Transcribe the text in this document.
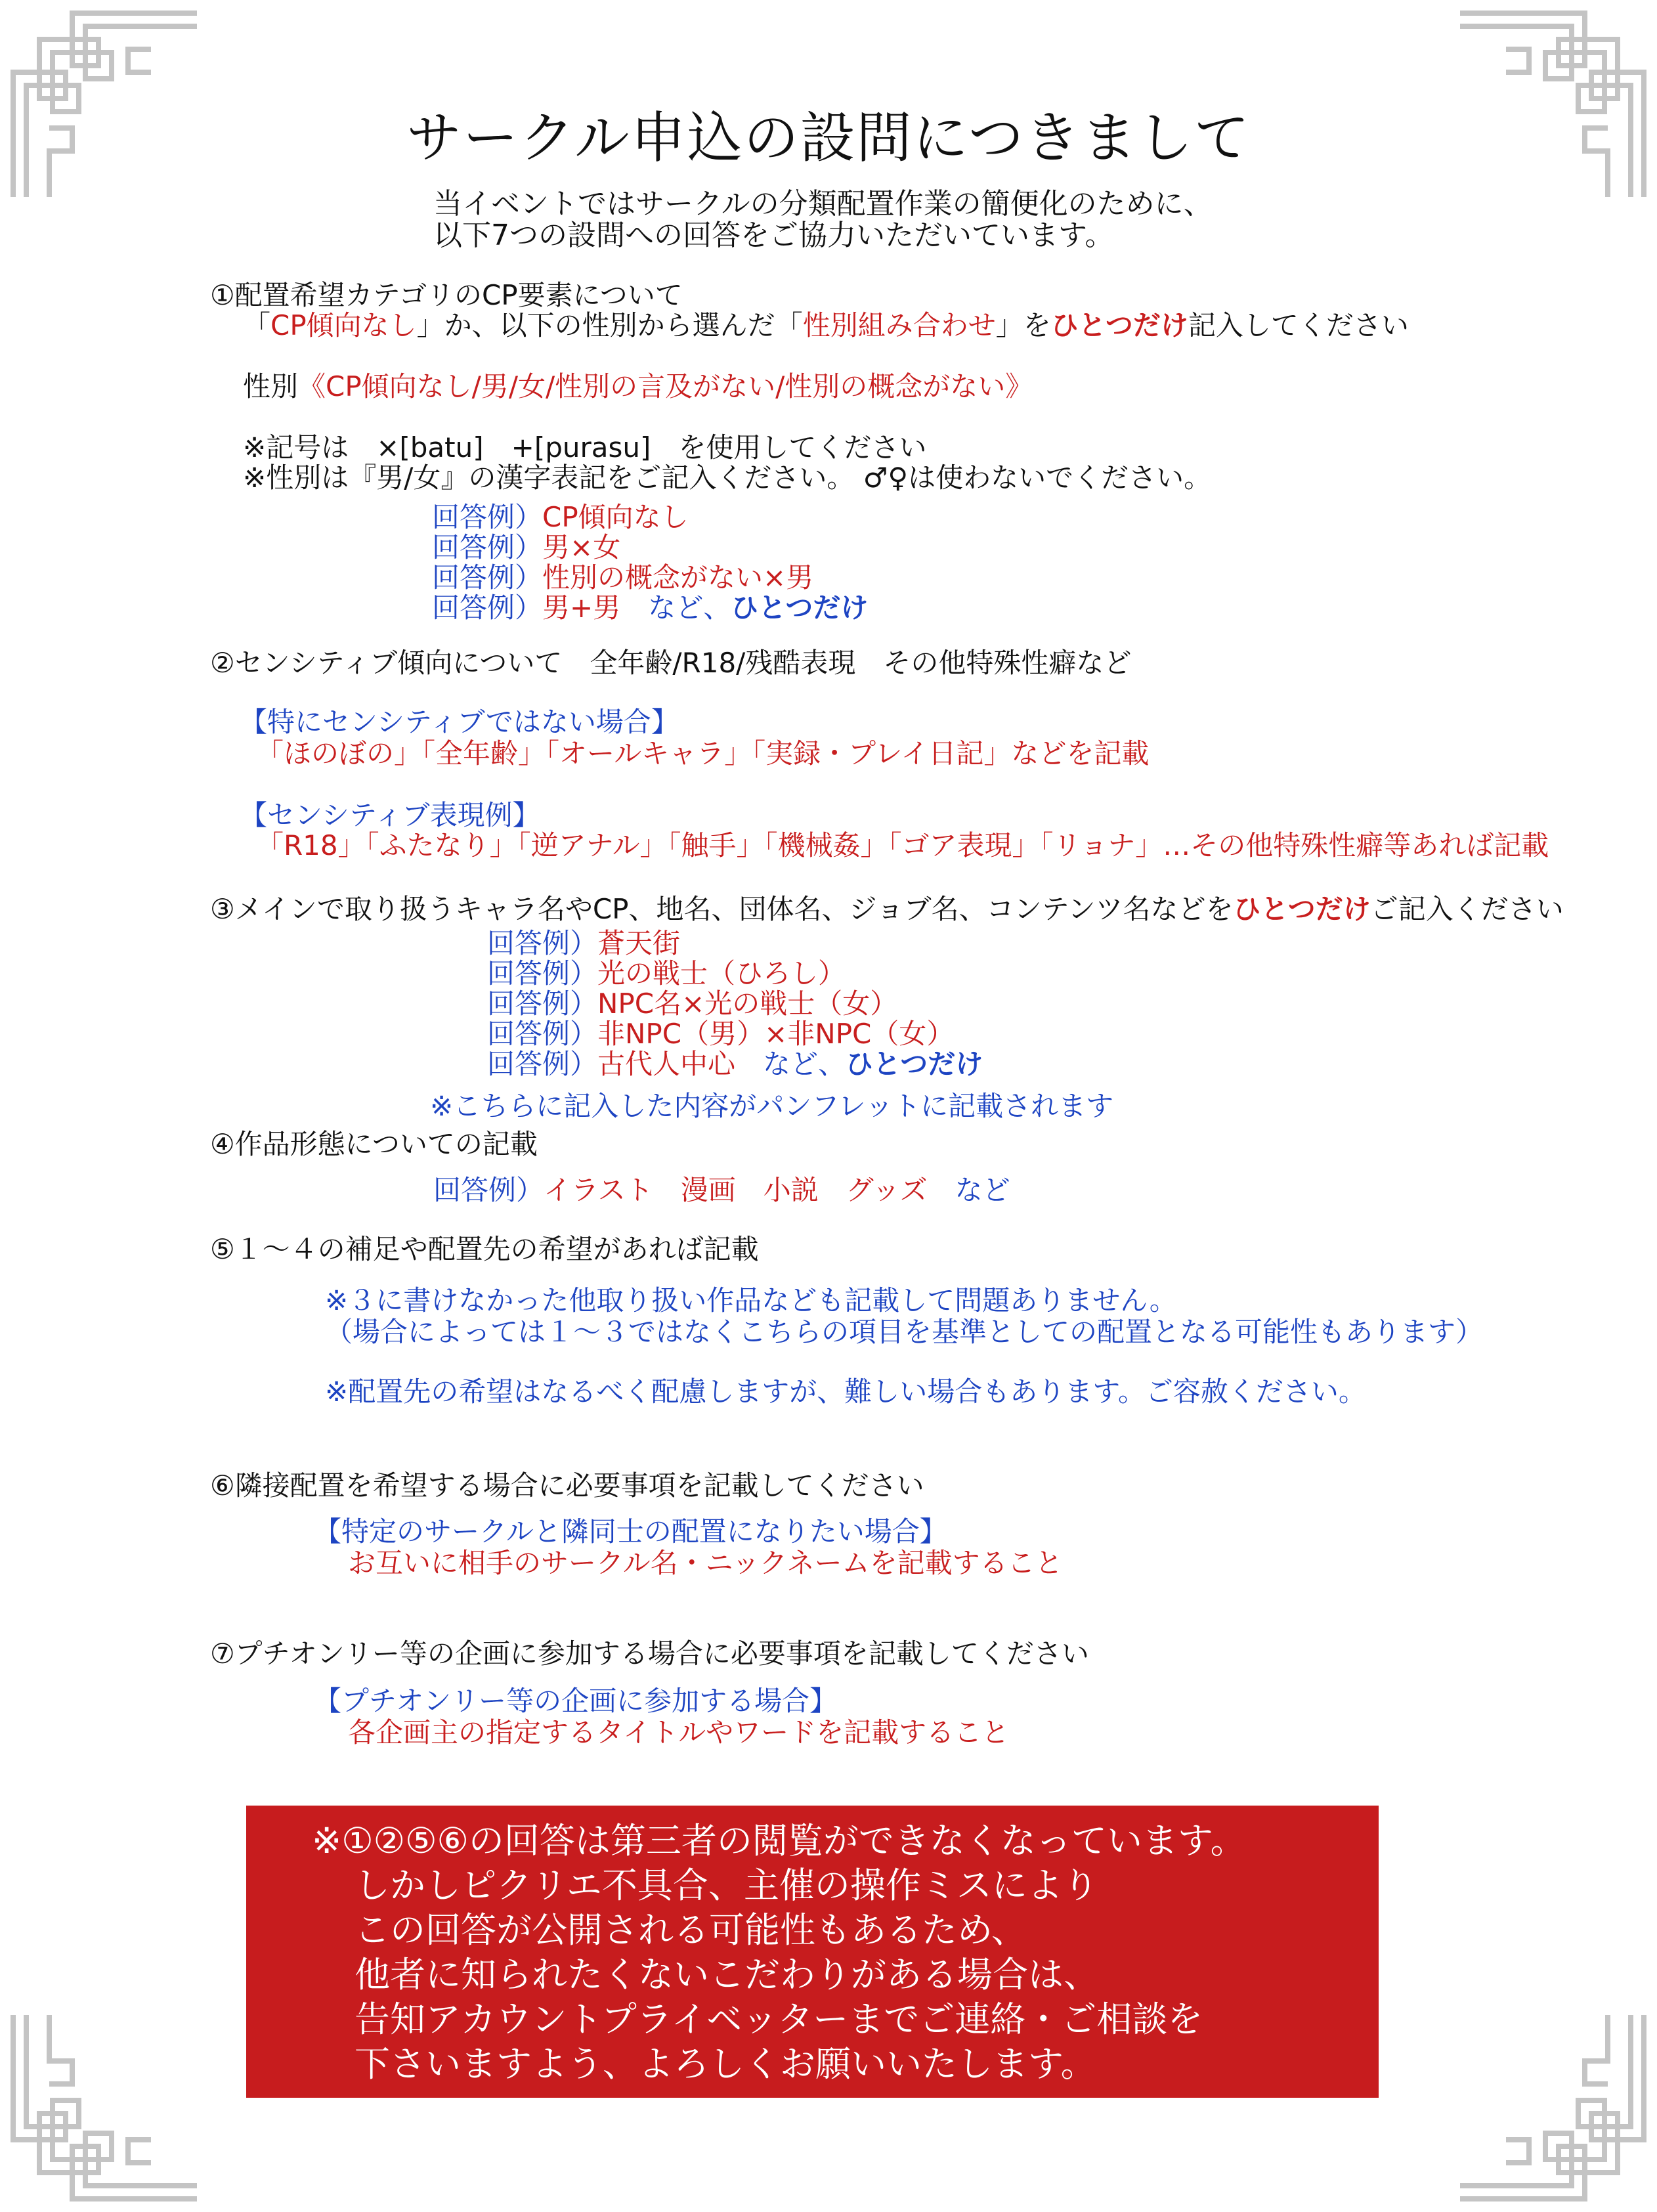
サークル申込の設問につきまして
当イベントではサークルの分類配置作業の簡便化のために、
以下7つの設問への回答をご協力いただいています。
①配置希望カテゴリのCP要素について
「CP傾向なし」か、以下の性別から選んだ「性別組み合わせ」をひとつだけ記入してください
性別《CP傾向なし/男/女/性別の言及がない/性別の概念がない》
※記号は　×[batu]　+[purasu]　を使用してください
※性別は『男/女』の漢字表記をご記入ください。 ♂♀は使わないでください。
回答例）CP傾向なし
回答例）男×女
回答例）性別の概念がない×男
回答例）男+男　など、ひとつだけ
②センシティブ傾向について　全年齢/R18/残酷表現　その他特殊性癖など
【特にセンシティブではない場合】
「ほのぼの」「全年齢」「オールキャラ」「実録・プレイ日記」などを記載
【センシティブ表現例】
「R18」「ふたなり」「逆アナル」「触手」「機械姦」「ゴア表現」「リョナ」…その他特殊性癖等あれば記載
③メインで取り扱うキャラ名やCP、地名、団体名、ジョブ名、コンテンツ名などをひとつだけご記入ください
回答例）蒼天街
回答例）光の戦士（ひろし）
回答例）NPC名×光の戦士（女）
回答例）非NPC（男）×非NPC（女）
回答例）古代人中心　など、ひとつだけ
※こちらに記入した内容がパンフレットに記載されます
④作品形態についての記載
回答例）イラスト　漫画　小説　グッズ　など
⑤１～４の補足や配置先の希望があれば記載
※３に書けなかった他取り扱い作品なども記載して問題ありません。
（場合によっては１～３ではなくこちらの項目を基準としての配置となる可能性もあります）
※配置先の希望はなるべく配慮しますが、難しい場合もあります。ご容赦ください。
⑥隣接配置を希望する場合に必要事項を記載してください
【特定のサークルと隣同士の配置になりたい場合】
お互いに相手のサークル名・ニックネームを記載すること
⑦プチオンリー等の企画に参加する場合に必要事項を記載してください
【プチオンリー等の企画に参加する場合】
各企画主の指定するタイトルやワードを記載すること
※①②⑤⑥の回答は第三者の閲覧ができなくなっています。
しかしピクリエ不具合、主催の操作ミスにより
この回答が公開される可能性もあるため、
他者に知られたくないこだわりがある場合は、
告知アカウントプライベッターまでご連絡・ご相談を
下さいますよう、よろしくお願いいたします。
